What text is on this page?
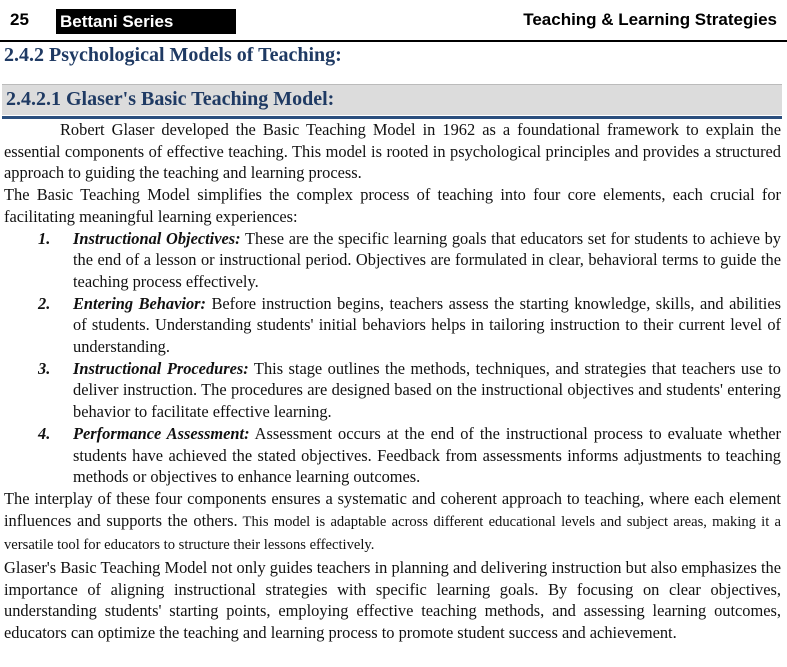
25 Bettani Series	Teaching & Learning Strategies
2.4.2 Psychological Models of Teaching:
2.4.2.1 Glaser's Basic Teaching Model:

Robert Glaser developed the Basic Teaching Model in 1962 as a foundational framework to explain the essential components of effective teaching. This model is rooted in psychological principles and provides a structured approach to guiding the teaching and learning process.

The Basic Teaching Model simplifies the complex process of teaching into four core elements, each crucial for facilitating meaningful learning experiences:

1. Instructional Objectives: These are the specific learning goals that educators set for students to achieve by the end of a lesson or instructional period. Objectives are formulated in clear, behavioral terms to guide the teaching process effectively.
2. Entering Behavior: Before instruction begins, teachers assess the starting knowledge, skills, and abilities of students. Understanding students' initial behaviors helps in tailoring instruction to their current level of understanding.
3. Instructional Procedures: This stage outlines the methods, techniques, and strategies that teachers use to deliver instruction. The procedures are designed based on the instructional objectives and students' entering behavior to facilitate effective learning.
4. Performance Assessment: Assessment occurs at the end of the instructional process to evaluate whether students have achieved the stated objectives. Feedback from assessments informs adjustments to teaching methods or objectives to enhance learning outcomes.

The interplay of these four components ensures a systematic and coherent approach to teaching, where each element influences and supports the others. This model is adaptable across different educational levels and subject areas, making it a versatile tool for educators to structure their lessons effectively.

Glaser's Basic Teaching Model not only guides teachers in planning and delivering instruction but also emphasizes the importance of aligning instructional strategies with specific learning goals. By focusing on clear objectives, understanding students' starting points, employing effective teaching methods, and assessing learning outcomes, educators can optimize the teaching and learning process to promote student success and achievement.
